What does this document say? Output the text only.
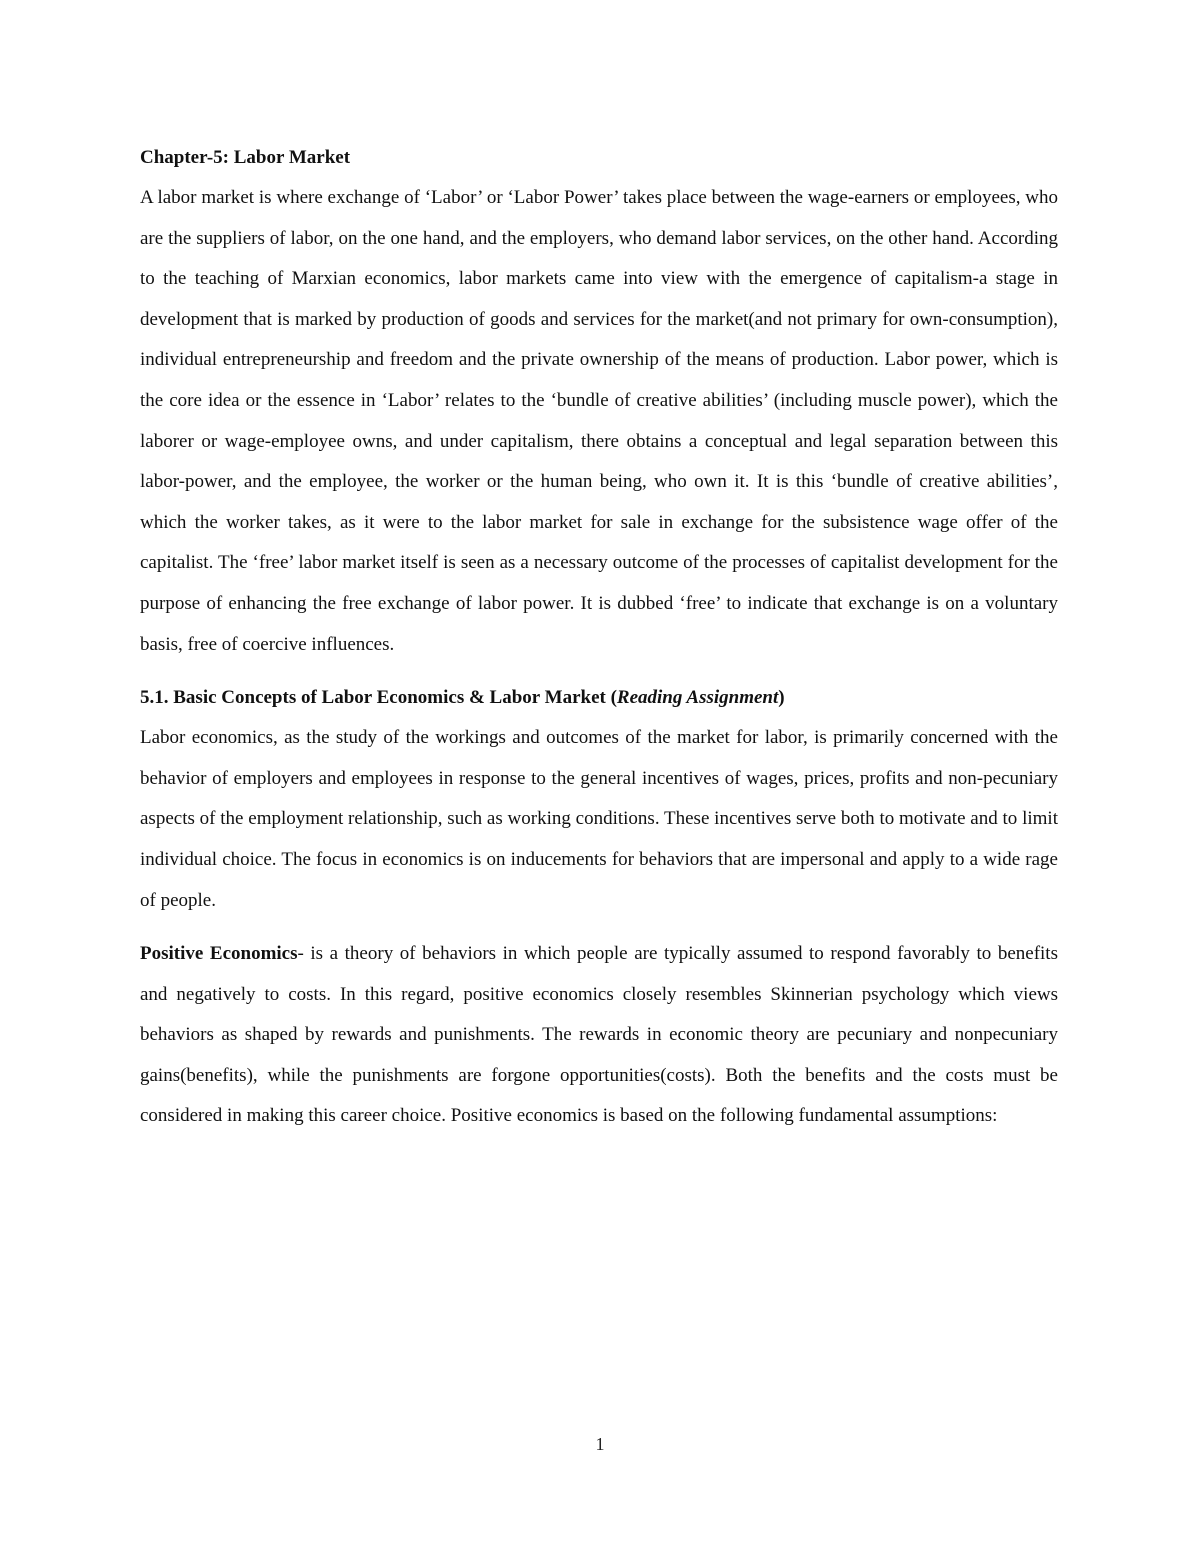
Chapter-5: Labor Market

A labor market is where exchange of ‘Labor’ or ‘Labor Power’ takes place between the wage-earners or employees, who are the suppliers of labor, on the one hand, and the employers, who demand labor services, on the other hand. According to the teaching of Marxian economics, labor markets came into view with the emergence of capitalism-a stage in development that is marked by production of goods and services for the market(and not primary for own-consumption), individual entrepreneurship and freedom and the private ownership of the means of production. Labor power, which is the core idea or the essence in ‘Labor’ relates to the ‘bundle of creative abilities’ (including muscle power), which the laborer or wage-employee owns, and under capitalism, there obtains a conceptual and legal separation between this labor-power, and the employee, the worker or the human being, who own it. It is this ‘bundle of creative abilities’, which the worker takes, as it were to the labor market for sale in exchange for the subsistence wage offer of the capitalist. The ‘free’ labor market itself is seen as a necessary outcome of the processes of capitalist development for the purpose of enhancing the free exchange of labor power. It is dubbed ‘free’ to indicate that exchange is on a voluntary basis, free of coercive influences.

5.1. Basic Concepts of Labor Economics & Labor Market (Reading Assignment)

Labor economics, as the study of the workings and outcomes of the market for labor, is primarily concerned with the behavior of employers and employees in response to the general incentives of wages, prices, profits and non-pecuniary aspects of the employment relationship, such as working conditions. These incentives serve both to motivate and to limit individual choice. The focus in economics is on inducements for behaviors that are impersonal and apply to a wide rage of people.

Positive Economics- is a theory of behaviors in which people are typically assumed to respond favorably to benefits and negatively to costs. In this regard, positive economics closely resembles Skinnerian psychology which views behaviors as shaped by rewards and punishments. The rewards in economic theory are pecuniary and nonpecuniary gains(benefits), while the punishments are forgone opportunities(costs). Both the benefits and the costs must be considered in making this career choice. Positive economics is based on the following fundamental assumptions:

1
